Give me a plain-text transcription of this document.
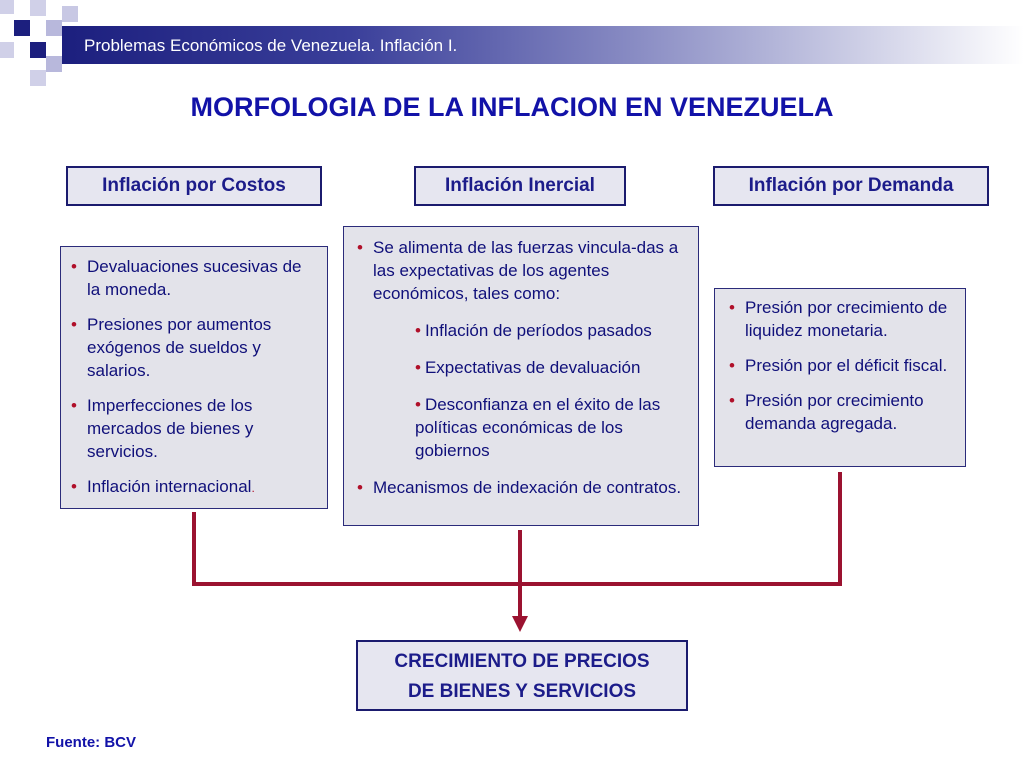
Problemas Económicos de Venezuela. Inflación I.
MORFOLOGIA DE LA INFLACION EN VENEZUELA
Inflación por Costos	Inflación Inercial	Inflación por Demanda
• Devaluaciones sucesivas de la moneda.
• Presiones por aumentos exógenos de sueldos y salarios.
• Imperfecciones de los mercados de bienes y servicios.
• Inflación internacional.
• Se alimenta de las fuerzas vincula-das a las expectativas de los agentes económicos, tales como:
• Inflación de períodos pasados
• Expectativas de devaluación
• Desconfianza en el éxito de las políticas económicas de los gobiernos
• Mecanismos de indexación de contratos.
• Presión por crecimiento de liquidez monetaria.
• Presión por el déficit fiscal.
• Presión por crecimiento demanda agregada.
CRECIMIENTO DE PRECIOS
DE BIENES Y SERVICIOS
Fuente: BCV
